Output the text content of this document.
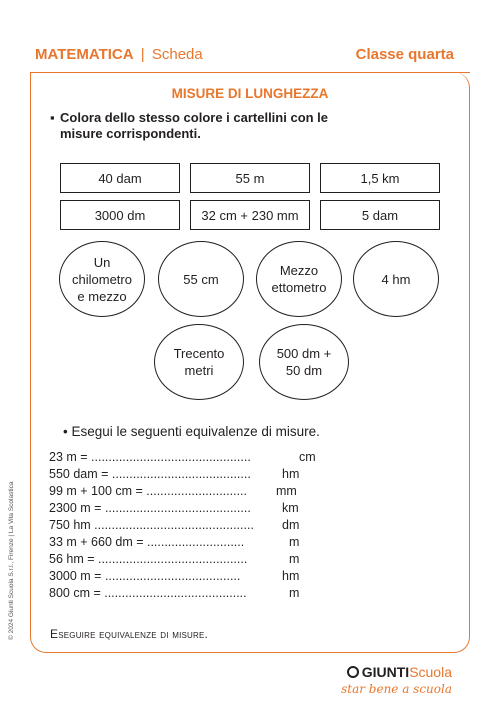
MATEMATICA | Scheda	Classe quarta
MISURE DI LUNGHEZZA
▪ Colora dello stesso colore i cartellini con le misure corrispondenti.
40 dam	55 m	1,5 km
3000 dm	32 cm + 230 mm	5 dam
Un
chilometro
e mezzo
55 cm
Mezzo
ettometro
4 hm
Trecento
metri
500 dm +
50 dm
• Esegui le seguenti equivalenze di misure.
23 m = ..............................................	cm
550 dam = ........................................ hm
99 m + 100 cm = ............................. mm
2300 m = .......................................... km
750 hm .............................................. dm
33 m + 660 dm = ............................	m
56 hm = ...........................................	m
3000 m = .......................................	hm
800 cm = .........................................	m
Eseguire equivalenze di misure.
© 2024 Giunti Scuola S.r.l., Firenze | La Vita Scolastica
GIUNTIScuola
star bene a scuola
